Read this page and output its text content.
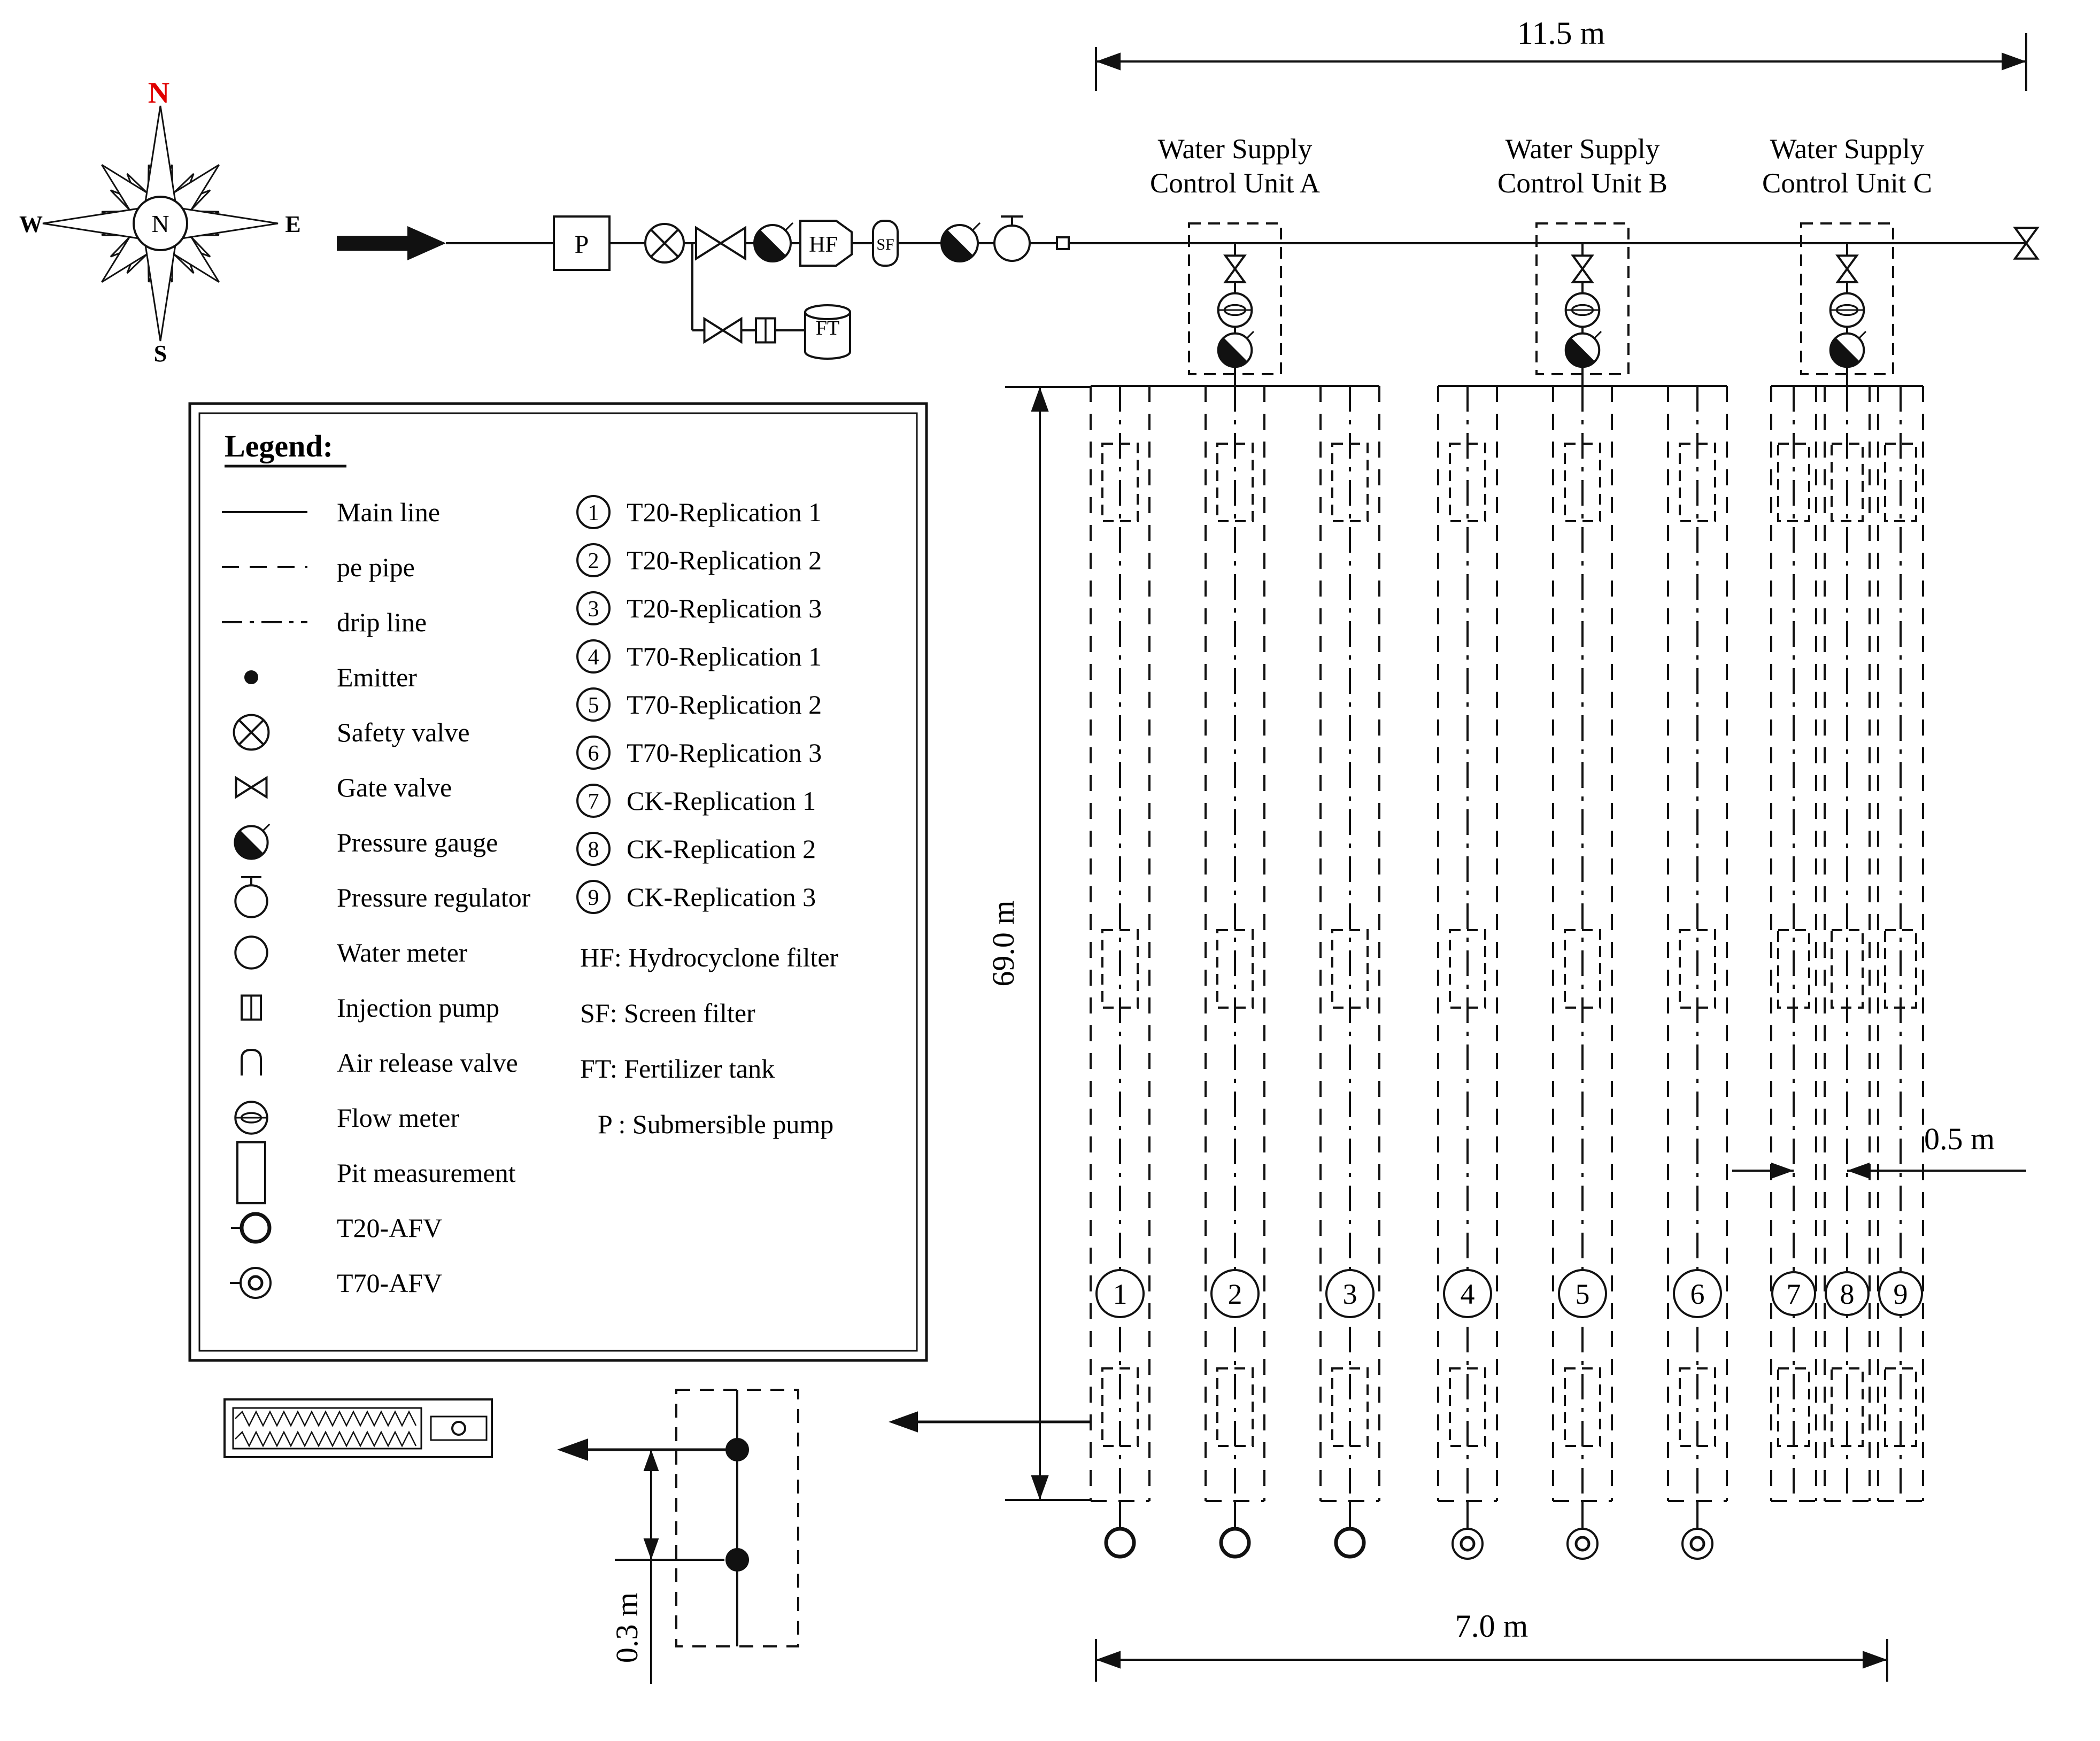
1	2	3	4	5	6	7 8 9
Main line
pe pipe
drip line
Emitter
Safety valve
Gate valve
Pressure gauge
Pressure regulator
Water meter
Injection pump
Air release valve
Flow meter
Pit measurement
T20-AFV
T70-AFV
1 T20-Replication 1
2 T20-Replication 2
3 T20-Replication 3
4 T70-Replication 1
5 T70-Replication 2
6 T70-Replication 3
7 CK-Replication 1
8 CK-Replication 2
9 CK-Replication 3
N
W	E
S
N
P	HF SF
FT
Water Supply
Control Unit A
Water Supply
Control Unit B
Water Supply
Control Unit C
11.5 m
69.0 m
7.0 m
0.5 m
0.3 m
Legend:
HF: Hydrocyclone filter
SF: Screen filter
FT: Fertilizer tank
P : Submersible pump
